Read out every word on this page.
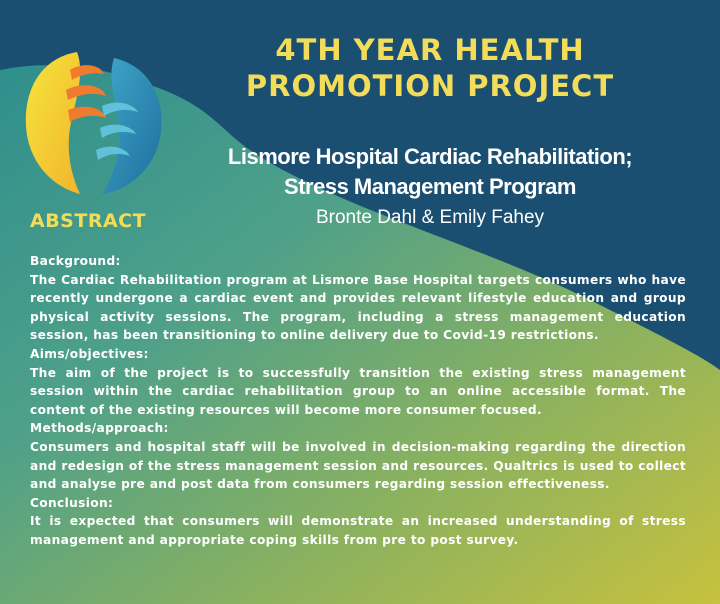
4TH YEAR HEALTH
PROMOTION PROJECT
Lismore Hospital Cardiac Rehabilitation;
Stress Management Program
Bronte Dahl & Emily Fahey
ABSTRACT

Background:

The Cardiac Rehabilitation program at Lismore Base Hospital targets consumers who have recently undergone a cardiac event and provides relevant lifestyle education and group physical activity sessions. The program, including a stress management education session, has been transitioning to online delivery due to Covid-19 restrictions.

Aims/objectives:

The aim of the project is to successfully transition the existing stress management session within the cardiac rehabilitation group to an online accessible format. The content of the existing resources will become more consumer focused.

Methods/approach:

Consumers and hospital staff will be involved in decision-making regarding the direction and redesign of the stress management session and resources. Qualtrics is used to collect and analyse pre and post data from consumers regarding session effectiveness.

Conclusion:

It is expected that consumers will demonstrate an increased understanding of stress management and appropriate coping skills from pre to post survey.
